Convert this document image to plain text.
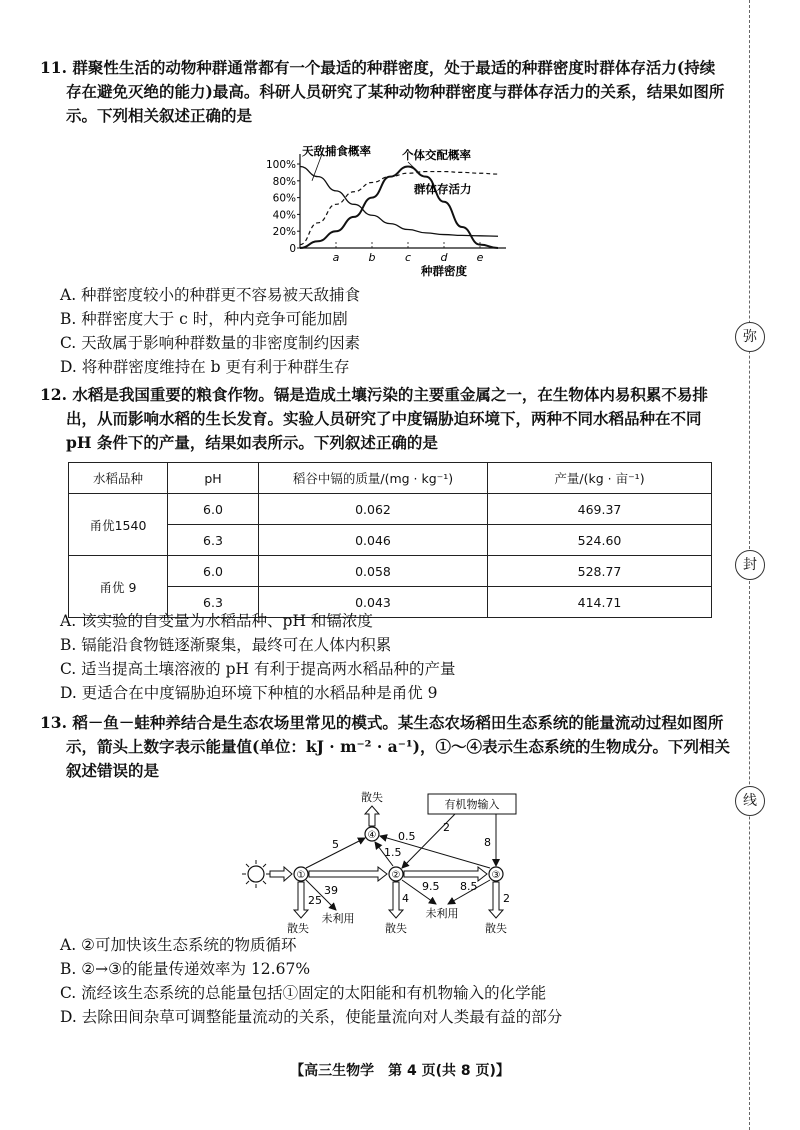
弥
封
线
11. 群聚性生活的动物种群通常都有一个最适的种群密度，处于最适的种群密度时群体存活力(持续存在避免灭绝的能力)最高。科研人员研究了某种动物种群密度与群体存活力的关系，结果如图所示。下列相关叙述正确的是
0
20%
40%
60%
80%
100%
a	b	c	d	e
天敌捕食概率	个体交配概率
群体存活力
种群密度

A. 种群密度较小的种群更不容易被天敌捕食

B. 种群密度大于 c 时，种内竞争可能加剧

C. 天敌属于影响种群数量的非密度制约因素

D. 将种群密度维持在 b 更有利于种群生存

12. 水稻是我国重要的粮食作物。镉是造成土壤污染的主要重金属之一，在生物体内易积累不易排出，从而影响水稻的生长发育。实验人员研究了中度镉胁迫环境下，两种不同水稻品种在不同 pH 条件下的产量，结果如表所示。下列叙述正确的是
水稻品种	pH	稻谷中镉的质量/(mg · kg⁻¹)	产量/(kg · 亩⁻¹)
甬优1540	6.0	0.062	469.37
	6.3	0.046	524.60
甬优 9	6.0	0.058	528.77
	6.3	0.043	414.71

A. 该实验的自变量为水稻品种、pH 和镉浓度

B. 镉能沿食物链逐渐聚集，最终可在人体内积累

C. 适当提高土壤溶液的 pH 有利于提高两水稻品种的产量

D. 更适合在中度镉胁迫环境下种植的水稻品种是甬优 9

13. 稻－鱼－蛙种养结合是生态农场里常见的模式。某生态农场稻田生态系统的能量流动过程如图所示，箭头上数字表示能量值(单位：kJ · m⁻² · a⁻¹)，①～④表示生态系统的生物成分。下列相关叙述错误的是
①	②	③
④
散失
有机物输入
散失
未利用
散失
未利用
散失
5
1.5
0.5
2
8
39
25	4
9.5 8.5
2

A. ②可加快该生态系统的物质循环

B. ②→③的能量传递效率为 12.67%

C. 流经该生态系统的总能量包括①固定的太阳能和有机物输入的化学能

D. 去除田间杂草可调整能量流动的关系，使能量流向对人类最有益的部分

【高三生物学　第 4 页(共 8 页)】
